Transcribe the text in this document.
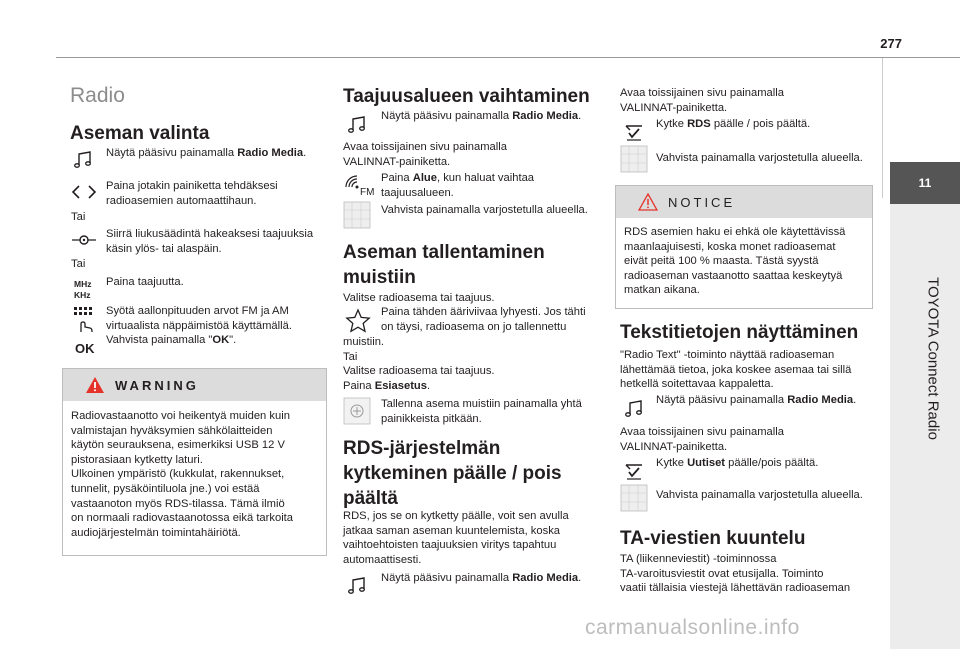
277
11
TOYOTA Connect Radio
Radio
Aseman valinta
Näytä pääsivu painamalla Radio Media.
Paina jotakin painiketta tehdäksesi
radioasemien automaattihaun.
Tai
Siirrä liukusäädintä hakeaksesi taajuuksia
käsin ylös- tai alaspäin.
Tai
MHz
KHz
Paina taajuutta.
OK
Syötä aallonpituuden arvot FM ja AM
virtuaalista näppäimistöä käyttämällä.
Vahvista painamalla "OK".
WARNING
Radiovastaanotto voi heikentyä muiden kuin
valmistajan hyväksymien sähkölaitteiden
käytön seurauksena, esimerkiksi USB 12 V
pistorasiaan kytketty laturi.
Ulkoinen ympäristö (kukkulat, rakennukset,
tunnelit, pysäköintiluola jne.) voi estää
vastaanoton myös RDS-tilassa. Tämä ilmiö
on normaali radiovastaanotossa eikä tarkoita
audiojärjestelmän toimintahäiriötä.
Taajuusalueen vaihtaminen
Näytä pääsivu painamalla Radio Media.
Avaa toissijainen sivu painamalla
VALINNAT-painiketta.
FM
Paina Alue, kun haluat vaihtaa
taajuusalueen.
Vahvista painamalla varjostetulla alueella.
Aseman tallentaminen
muistiin
Valitse radioasema tai taajuus.
Paina tähden ääriviivaa lyhyesti. Jos tähti
on täysi, radioasema on jo tallennettu
muistiin.
Tai
Valitse radioasema tai taajuus.
Paina Esiasetus.
Tallenna asema muistiin painamalla yhtä
painikkeista pitkään.
RDS-järjestelmän
kytkeminen päälle / pois
päältä
RDS, jos se on kytketty päälle, voit sen avulla
jatkaa saman aseman kuuntelemista, koska
vaihtoehtoisten taajuuksien viritys tapahtuu
automaattisesti.
Näytä pääsivu painamalla Radio Media.
Avaa toissijainen sivu painamalla
VALINNAT-painiketta.
Kytke RDS päälle / pois päältä.
Vahvista painamalla varjostetulla alueella.
NOTICE
RDS asemien haku ei ehkä ole käytettävissä
maanlaajuisesti, koska monet radioasemat
eivät peitä 100 % maasta. Tästä syystä
radioaseman vastaanotto saattaa keskeytyä
matkan aikana.
Tekstitietojen näyttäminen
"Radio Text" -toiminto näyttää radioaseman
lähettämää tietoa, joka koskee asemaa tai sillä
hetkellä soitettavaa kappaletta.
Näytä pääsivu painamalla Radio Media.
Avaa toissijainen sivu painamalla
VALINNAT-painiketta.
Kytke Uutiset päälle/pois päältä.
Vahvista painamalla varjostetulla alueella.
TA-viestien kuuntelu
TA (liikenneviestit) -toiminnossa
TA-varoitusviestit ovat etusijalla. Toiminto
vaatii tällaisia viestejä lähettävän radioaseman
carmanualsonline.info
